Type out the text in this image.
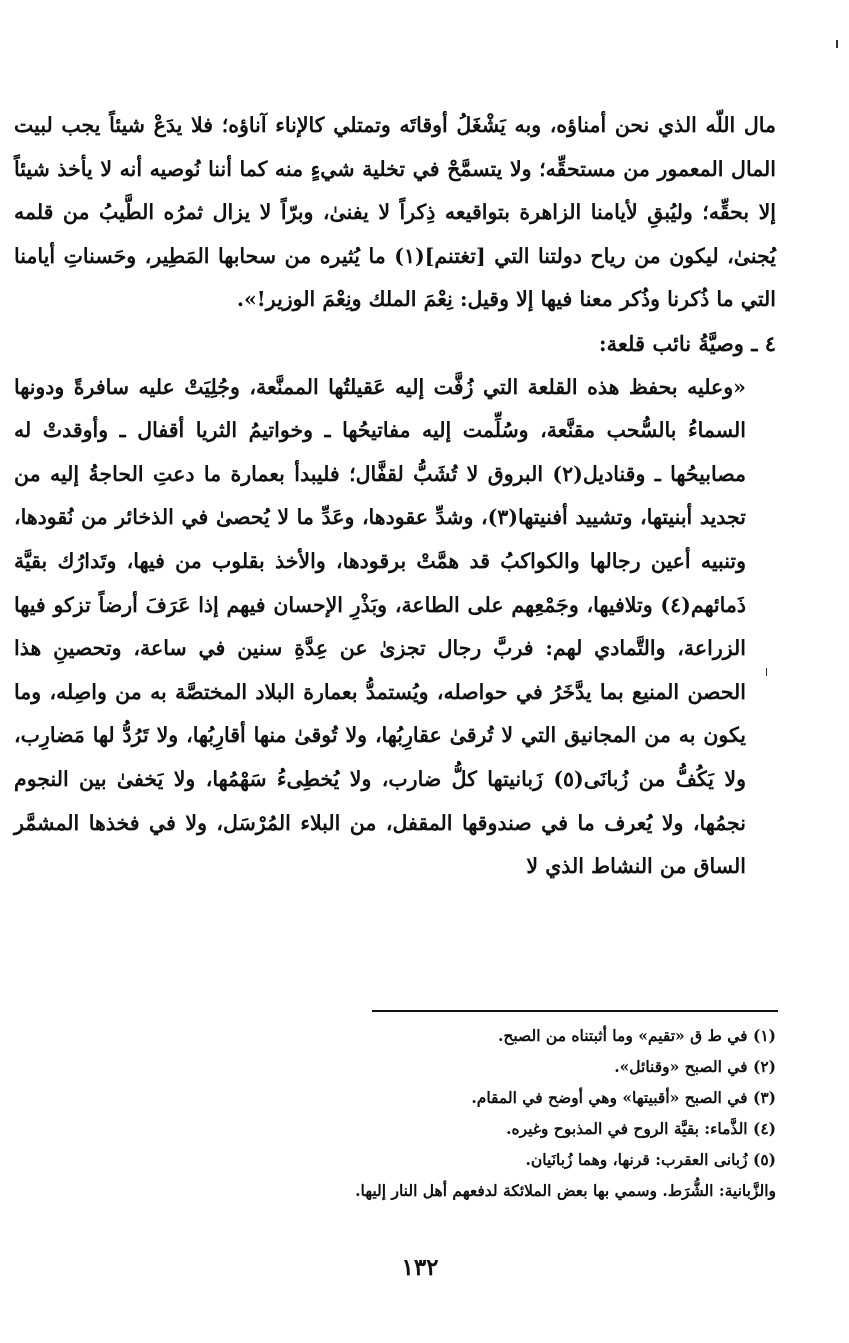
مال اللّه الذي نحن أمناؤه، وبه يَشْغَلُ أوقاتَه وتمتلي كالإناء آناؤه؛ فلا يدَعْ شيئاً يجب لبيت المال المعمور من مستحقِّه؛ ولا يتسمَّحْ في تخلية شيءٍ منه كما أننا نُوصيه أنه لا يأخذ شيئاً إلا بحقِّه؛ وليُبقِ لأيامنا الزاهرة بتواقيعه ذِكراً لا يفنىٰ، وبرّاً لا يزال ثمرُه الطَّيبُ من قلمه يُجنىٰ، ليكون من رياح دولتنا التي [تغتنم](١) ما يُثيره من سحابها المَطِير، وحَسناتِ أيامنا التي ما ذُكرنا وذُكر معنا فيها إلا وقيل: نِعْمَ الملك ونِعْمَ الوزير!».

٤ ـ وصيَّةُ نائب قلعة:

«وعليه بحفظ هذه القلعة التي زُفَّت إليه عَقيلتُها الممنَّعة، وجُلِيَتْ عليه سافرةً ودونها السماءُ بالسُّحب مقنَّعة، وسُلِّمت إليه مفاتيحُها ـ وخواتيمُ الثريا أقفال ـ وأوقدتْ له مصابيحُها ـ وقناديل(٢) البروق لا تُشَبُّ لقفَّال؛ فليبدأ بعمارة ما دعتِ الحاجةُ إليه من تجديد أبنيتها، وتشييد أفنيتها(٣)، وشدِّ عقودها، وعَدِّ ما لا يُحصىٰ في الذخائر من نُقودها، وتنبيه أعين رجالها والكواكبُ قد همَّتْ برقودها، والأخذ بقلوب من فيها، وتَدارُك بقيَّة ذَمائهم(٤) وتلافيها، وجَمْعِهم على الطاعة، وبَذْرِ الإحسان فيهم إذا عَرَفَ أرضاً تزكو فيها الزراعة، والتَّمادي لهم: فربَّ رجال تجزىٰ عن عِدَّةِ سنين في ساعة، وتحصينِ هذا الحصن المنيع بما يدَّخَرُ في حواصله، ويُستمدُّ بعمارة البلاد المختصَّة به من واصِله، وما يكون به من المجانيق التي لا تُرقىٰ عقارِبُها، ولا تُوقىٰ منها أقارِبُها، ولا تَرُدُّ لها مَضارِب، ولا يَكُفُّ من زُبانَى(٥) زَبانيتها كلُّ ضارب، ولا يُخطِىءُ سَهْمُها، ولا يَخفىٰ بين النجوم نجمُها، ولا يُعرف ما في صندوقها المقفل، من البلاء المُرْسَل، ولا في فخذها المشمَّر الساق من النشاط الذي لا

(١) في ط ق «تقيم» وما أثبتناه من الصبح.

(٢) في الصبح «وقنائل».

(٣) في الصبح «أقبيتها» وهي أوضح في المقام.

(٤) الذَّماء: بقيَّة الروح في المذبوح وغيره.

(٥) زُبانى العقرب: قرنها، وهما زُبانَيان.

والزَّبانية: الشُّرَط. وسمي بها بعض الملائكة لدفعهم أهل النار إليها.

١٣٢
